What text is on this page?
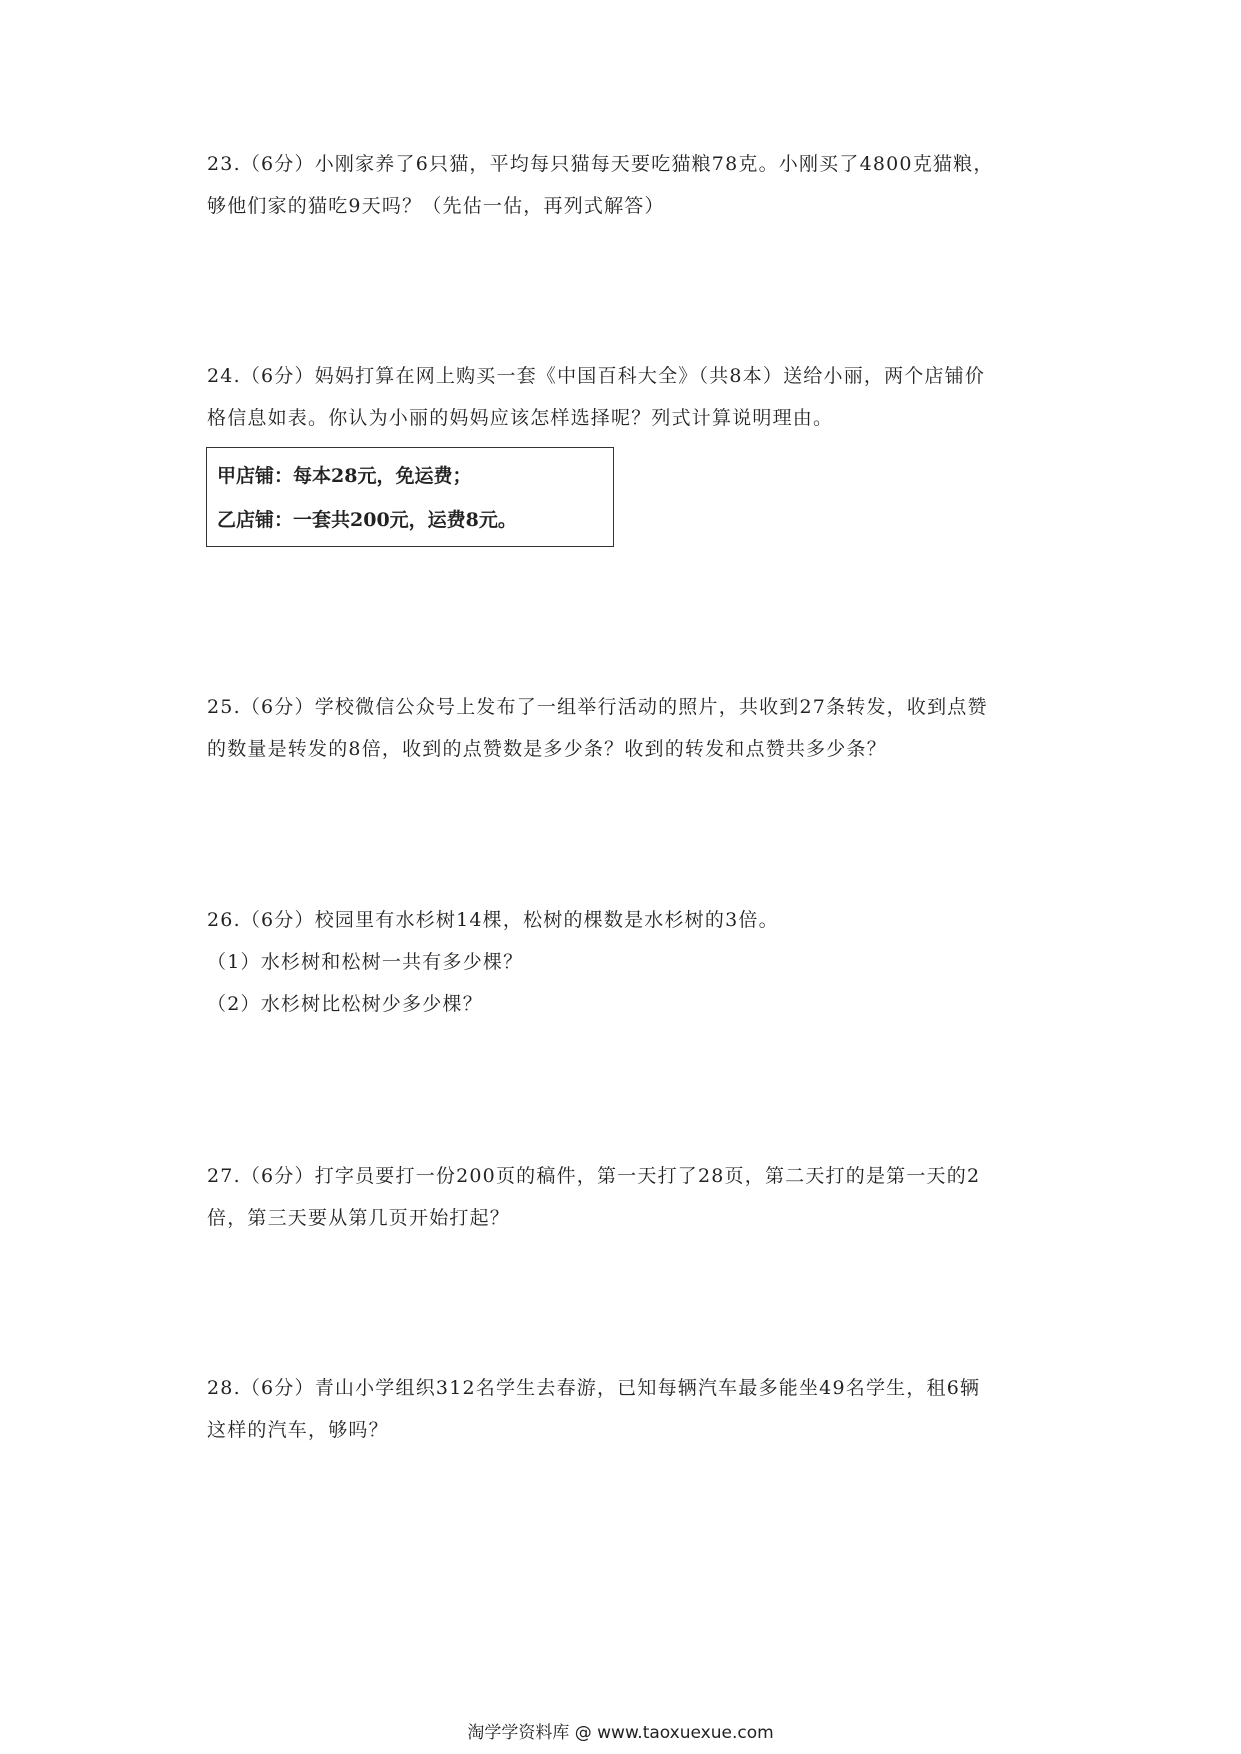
23.（6分）小刚家养了6只猫，平均每只猫每天要吃猫粮78克。小刚买了4800克猫粮，
够他们家的猫吃9天吗？（先估一估，再列式解答）
24.（6分）妈妈打算在网上购买一套《中国百科大全》（共8本）送给小丽，两个店铺价
格信息如表。你认为小丽的妈妈应该怎样选择呢？列式计算说明理由。
甲店铺：每本28元，免运费；
乙店铺：一套共200元，运费8元。
25.（6分）学校微信公众号上发布了一组举行活动的照片，共收到27条转发，收到点赞
的数量是转发的8倍，收到的点赞数是多少条？收到的转发和点赞共多少条？
26.（6分）校园里有水杉树14棵，松树的棵数是水杉树的3倍。
（1）水杉树和松树一共有多少棵？
（2）水杉树比松树少多少棵？
27.（6分）打字员要打一份200页的稿件，第一天打了28页，第二天打的是第一天的2
倍，第三天要从第几页开始打起？
28.（6分）青山小学组织312名学生去春游，已知每辆汽车最多能坐49名学生，租6辆
这样的汽车，够吗？
淘学学资料库 @ www.taoxuexue.com
